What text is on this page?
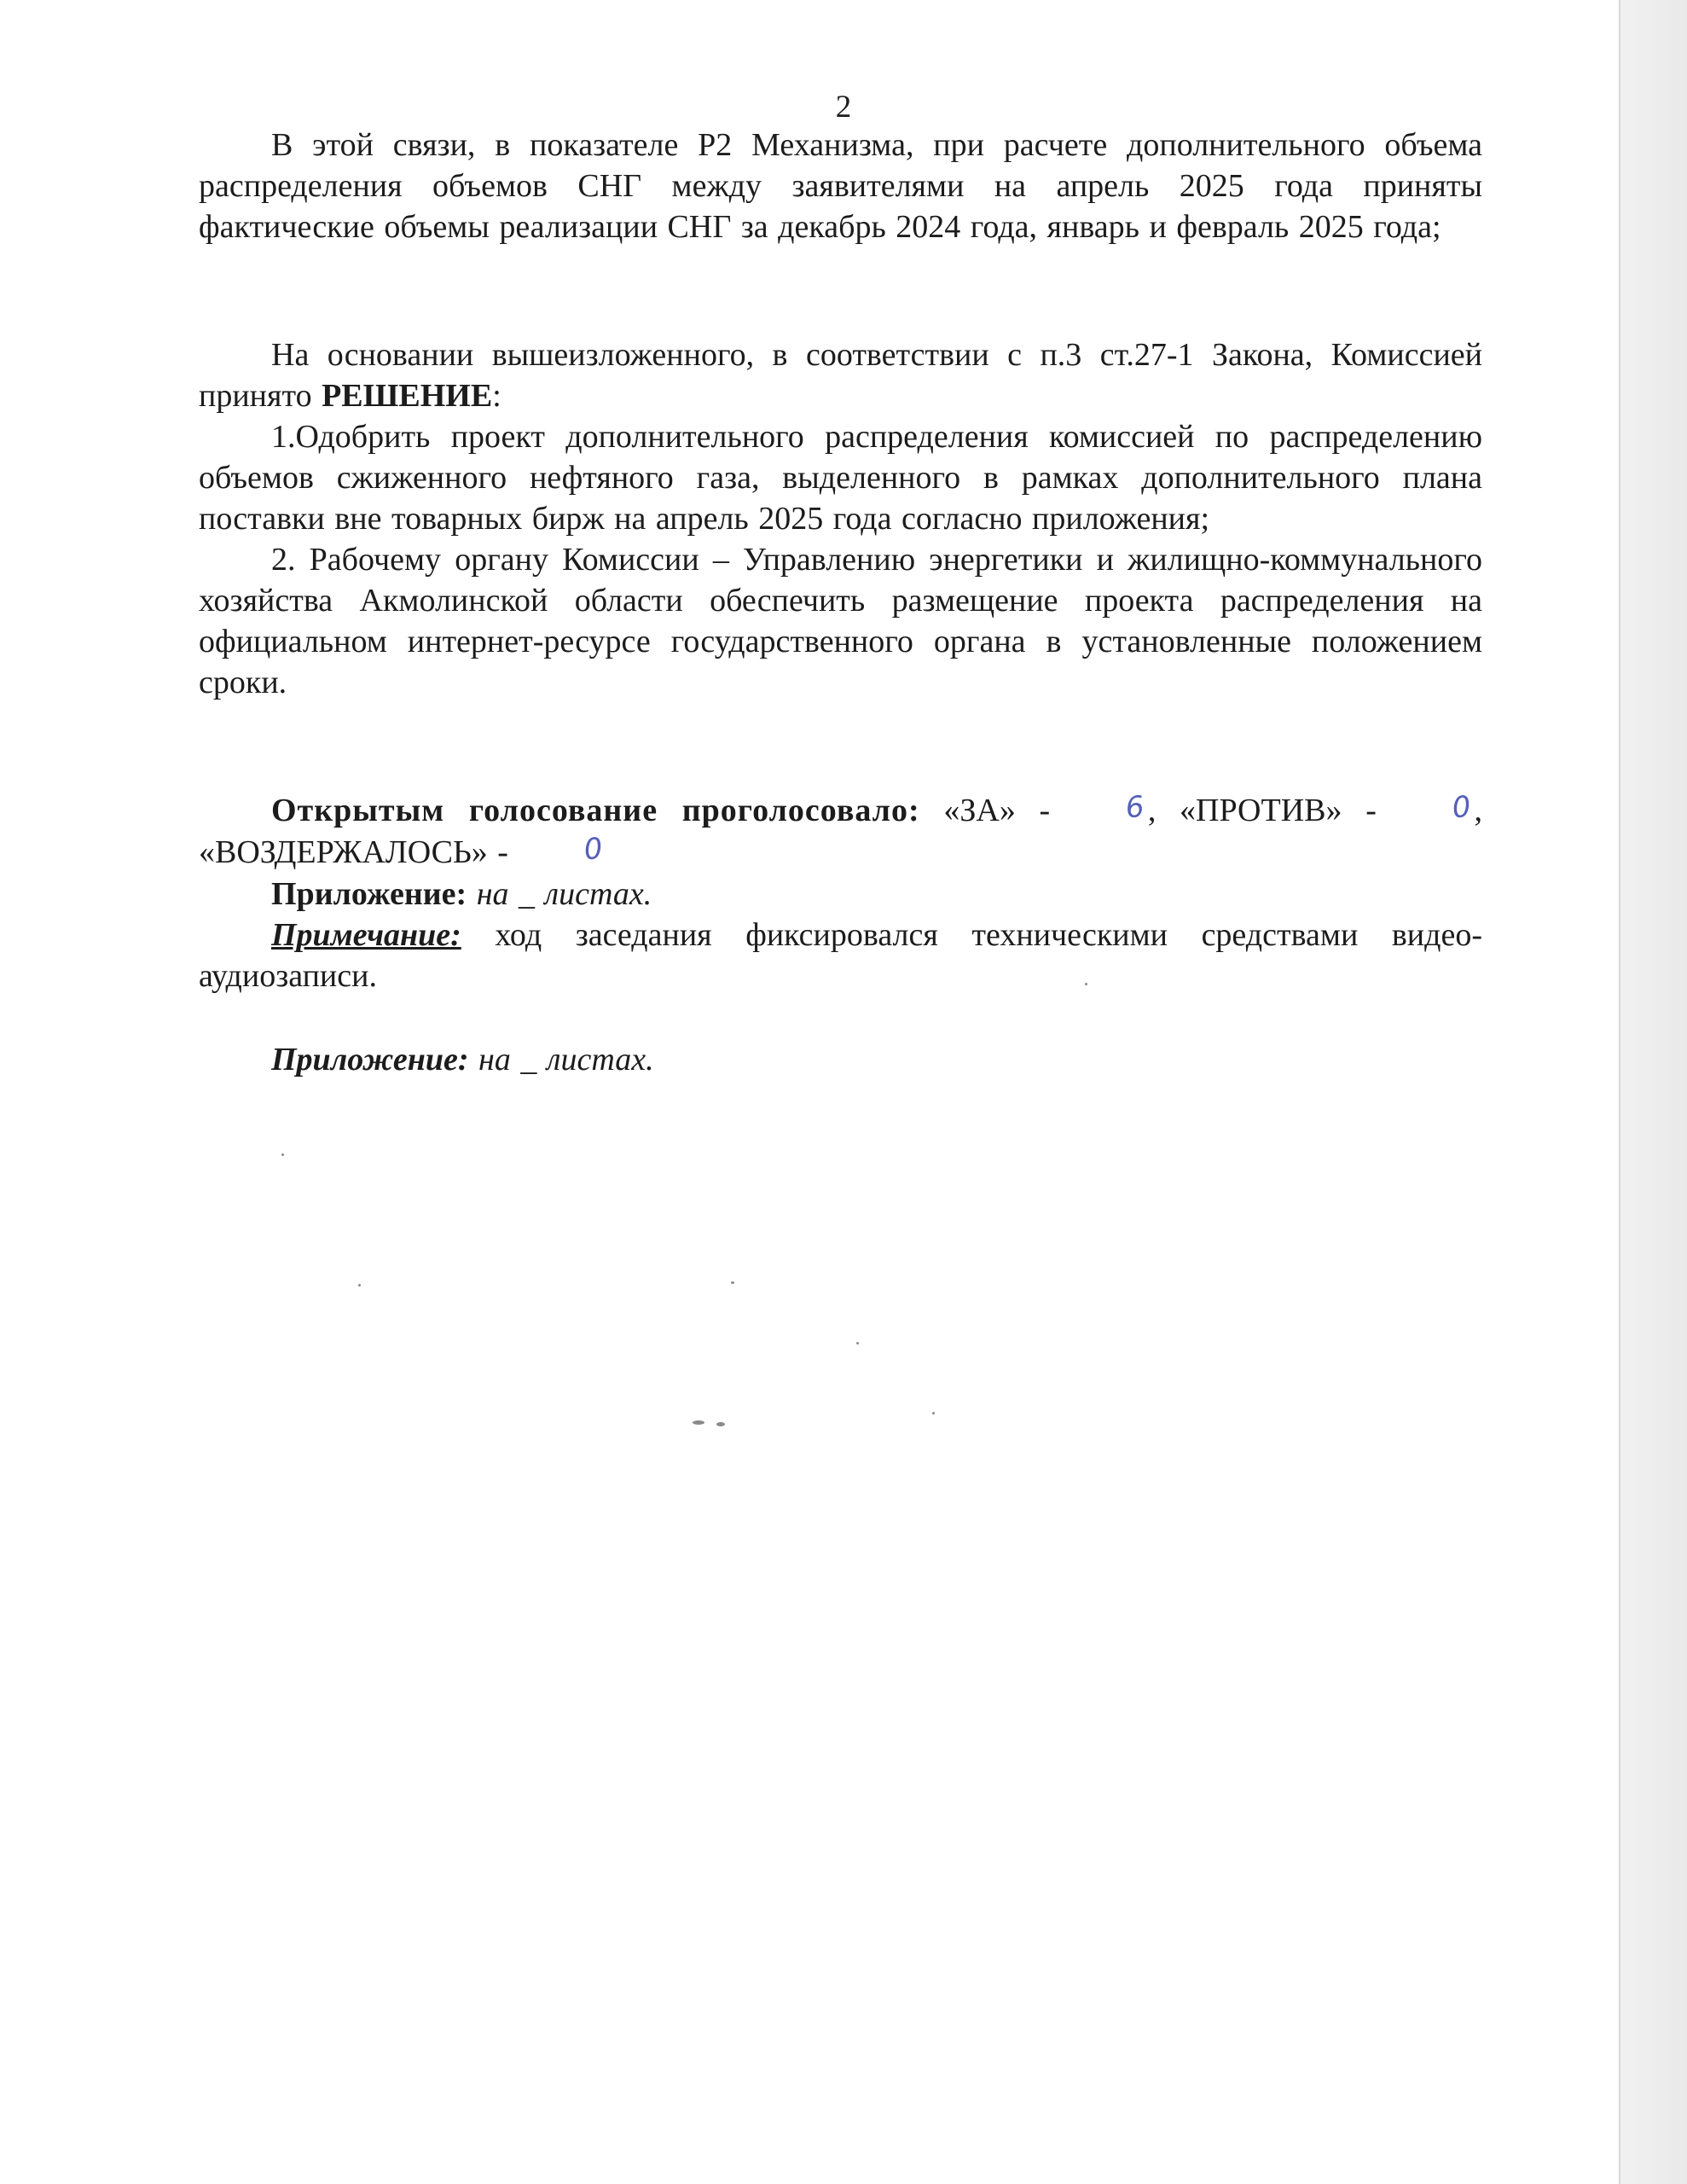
2

В этой связи, в показателе Р2 Механизма, при расчете дополнительного объема распределения объемов СНГ между заявителями на апрель 2025 года приняты фактические объемы реализации СНГ за декабрь 2024 года, январь и февраль 2025 года;

На основании вышеизложенного, в соответствии с п.3 ст.27-1 Закона, Комиссией принято РЕШЕНИЕ:

1.Одобрить проект дополнительного распределения комиссией по распределению объемов сжиженного нефтяного газа, выделенного в рамках дополнительного плана поставки вне товарных бирж на апрель 2025 года согласно приложения;

2. Рабочему органу Комиссии – Управлению энергетики и жилищно-коммунального хозяйства Акмолинской области обеспечить размещение проекта распределения на официальном интернет-ресурсе государственного органа в установленные положением сроки.

Открытым голосование проголосовало: «ЗА» -	6, «ПРОТИВ» -	0, «ВОЗДЕРЖАЛОСЬ» -	0

Приложение: на _ листах.

Примечание: ход заседания фиксировался техническими средствами видео-аудиозаписи.

Приложение: на _ листах.
